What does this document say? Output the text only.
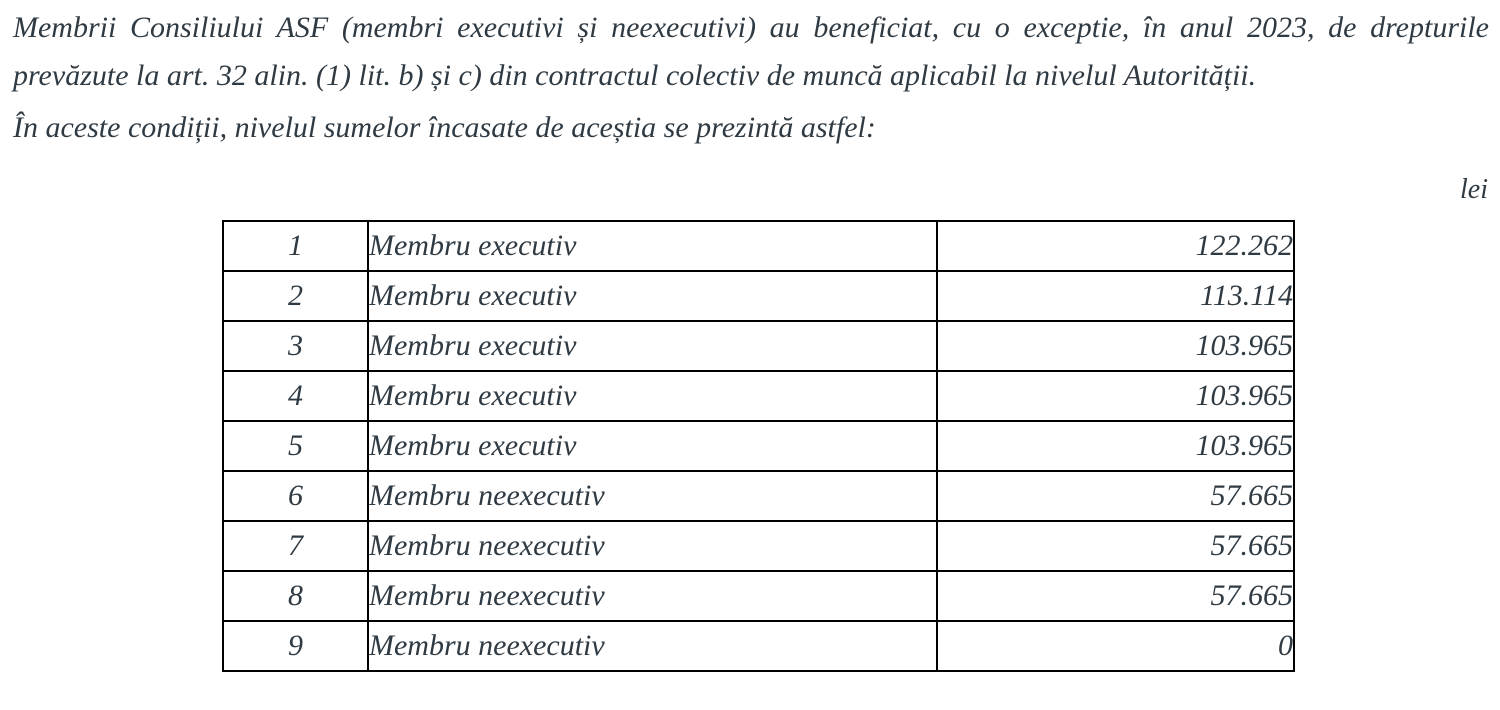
Membrii Consiliului ASF (membri executivi și neexecutivi) au beneficiat, cu o exceptie, în anul 2023, de drepturile
prevăzute la art. 32 alin. (1) lit. b) și c) din contractul colectiv de muncă aplicabil la nivelul Autorității.
În aceste condiții, nivelul sumelor încasate de aceștia se prezintă astfel:
lei
1	Membru executiv	122.262
2	Membru executiv	113.114
3	Membru executiv	103.965
4	Membru executiv	103.965
5	Membru executiv	103.965
6	Membru neexecutiv	57.665
7	Membru neexecutiv	57.665
8	Membru neexecutiv	57.665
9	Membru neexecutiv	0
